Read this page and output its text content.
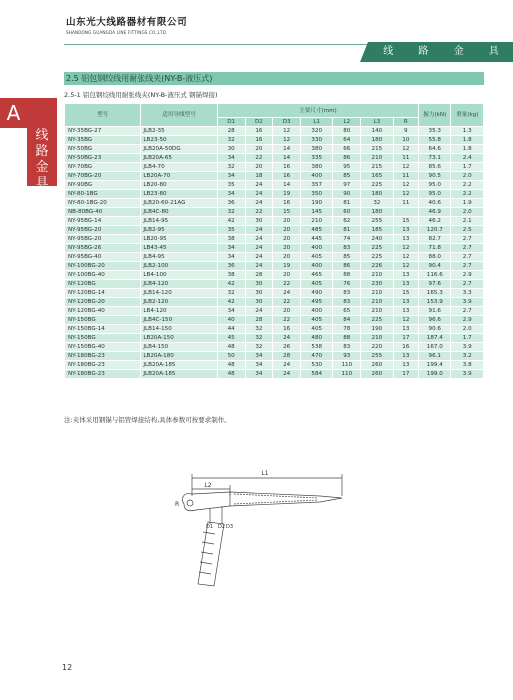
山东光大线路器材有限公司
SHANDONG GUANGDA LINE FITTINGS CO.,LTD
线 路 金 具
A
线
路
金
具
2.5 铝包钢绞线用耐张线夹(NY-B-液压式)
2.5-1 铝包钢绞线用耐张线夹(NY-B-液压式 钢锚焊接)
型号	适用导线型号	主要尺寸(mm)							握力(kN)	重量(kg)
		D1	D2	D3	L1	L2	L3	R		
NY-35BG-27	JLB2-35	28	16	12	320	80	140	9	35.3	1.3
NY-35BG	LB23-50	32	16	12	330	64	180	10	55.8	1.8
NY-50BG	JLB20A-50DG	30	20	14	380	66	215	12	64.6	1.8
NY-50BG-23	JLB20A-65	34	22	14	335	86	210	11	73.1	2.4
NY-70BG	JLB4-70	32	20	16	380	95	215	12	85.6	1.7
NY-70BG-20	LB20A-70	34	18	16	400	85	165	11	90.5	2.0
NY-90BG	LB20-80	35	24	14	357	97	225	12	95.0	2.2
NY-80-1BG	LB23-80	34	24	19	350	90	180	12	95.0	2.2
NY-80-1BG-20	JLB20-60-21AG	36	24	16	190	81	32	11	40.6	1.9
NB-80BG-40	JLB4C-80	32	22	15	145	60	180		46.9	2.0
NY-95BG-14	JLB14-95	42	30	20	210	62	255	15	46.2	2.1
NY-95BG-20	JLB2-95	35	24	20	485	81	185	13	120.7	2.5
NY-95BG-20	LB20-95	38	24	20	445	74	240	13	82.7	2.7
NY-95BG-26	LB43-45	34	24	20	400	83	225	12	71.8	2.7
NY-95BG-40	JLB4-95	34	24	20	405	85	225	12	88.0	2.7
NY-100BG-20	JLB2-100	36	24	19	400	86	226	12	90.4	2.7
NY-100BG-40	LB4-100	38	28	20	465	88	210	13	116.6	2.9
NY-120BG	JLB4-120	42	30	22	405	76	230	13	97.6	2.7
NY-120BG-14	JLB14-120	32	30	24	490	83	210	15	165.3	3.3
NY-120BG-20	JLB2-120	42	30	22	495	83	210	13	153.9	3.9
NY-120BG-40	LB4-120	34	24	20	400	65	210	13	91.6	2.7
NY-150BG	JLB4C-150	40	28	22	405	84	225	12	96.6	2.9
NY-150BG-14	JLB14-150	44	32	16	405	78	190	13	90.6	2.0
NY-150BG	LB20A-150	45	32	24	480	88	210	17	187.4	1.7
NY-150BG-40	JLB4-150	48	32	26	538	83	220	16	167.0	3.9
NY-180BG-23	LB20A-180	50	34	28	470	93	255	13	96.1	3.2
NY-180BG-23	JLB20A-185	48	34	24	530	110	260	13	199.4	3.8
NY-180BG-23	JLB20A-185	48	34	24	584	110	260	17	199.0	3.9
注:夹体采用钢锚与铝管焊接结构,具体参数可按要求制作。
L1
L2
R
D1 D2 D3
12
